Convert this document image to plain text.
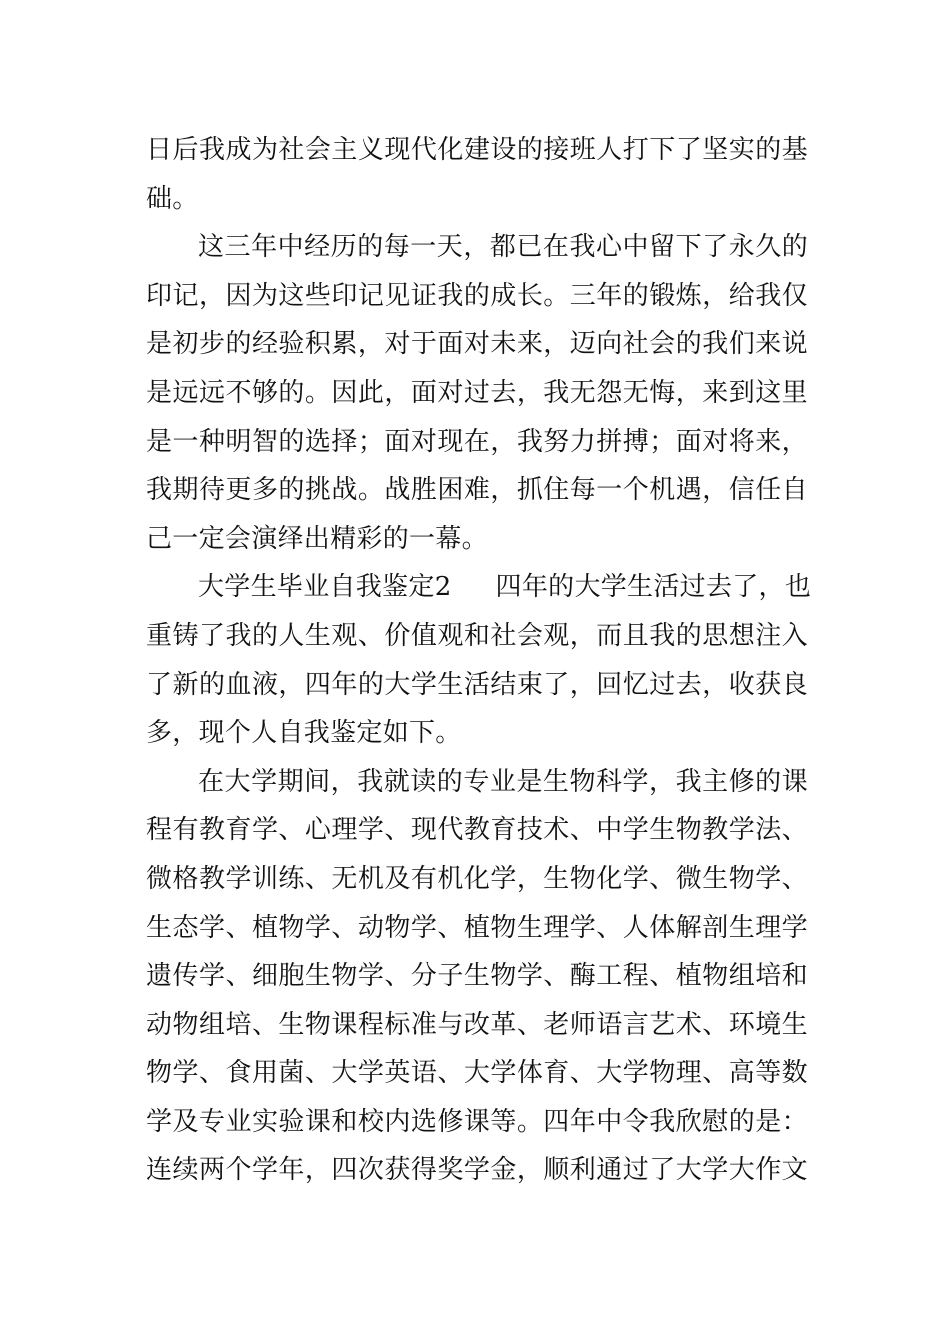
日后我成为社会主义现代化建设的接班人打下了坚实的基
础。
这三年中经历的每一天，都已在我心中留下了永久的
印记，因为这些印记见证我的成长。三年的锻炼，给我仅
是初步的经验积累，对于面对未来，迈向社会的我们来说
是远远不够的。因此，面对过去，我无怨无悔，来到这里
是一种明智的选择；面对现在，我努力拼搏；面对将来，
我期待更多的挑战。战胜困难，抓住每一个机遇，信任自
己一定会演绎出精彩的一幕。
大学生毕业自我鉴定2 四年的大学生活过去了，也
重铸了我的人生观、价值观和社会观，而且我的思想注入
了新的血液，四年的大学生活结束了，回忆过去，收获良
多，现个人自我鉴定如下。
在大学期间，我就读的专业是生物科学，我主修的课
程有教育学、心理学、现代教育技术、中学生物教学法、
微格教学训练、无机及有机化学，生物化学、微生物学、
生态学、植物学、动物学、植物生理学、人体解剖生理学
遗传学、细胞生物学、分子生物学、酶工程、植物组培和
动物组培、生物课程标准与改革、老师语言艺术、环境生
物学、食用菌、大学英语、大学体育、大学物理、高等数
学及专业实验课和校内选修课等。四年中令我欣慰的是：
连续两个学年，四次获得奖学金，顺利通过了大学大作文
